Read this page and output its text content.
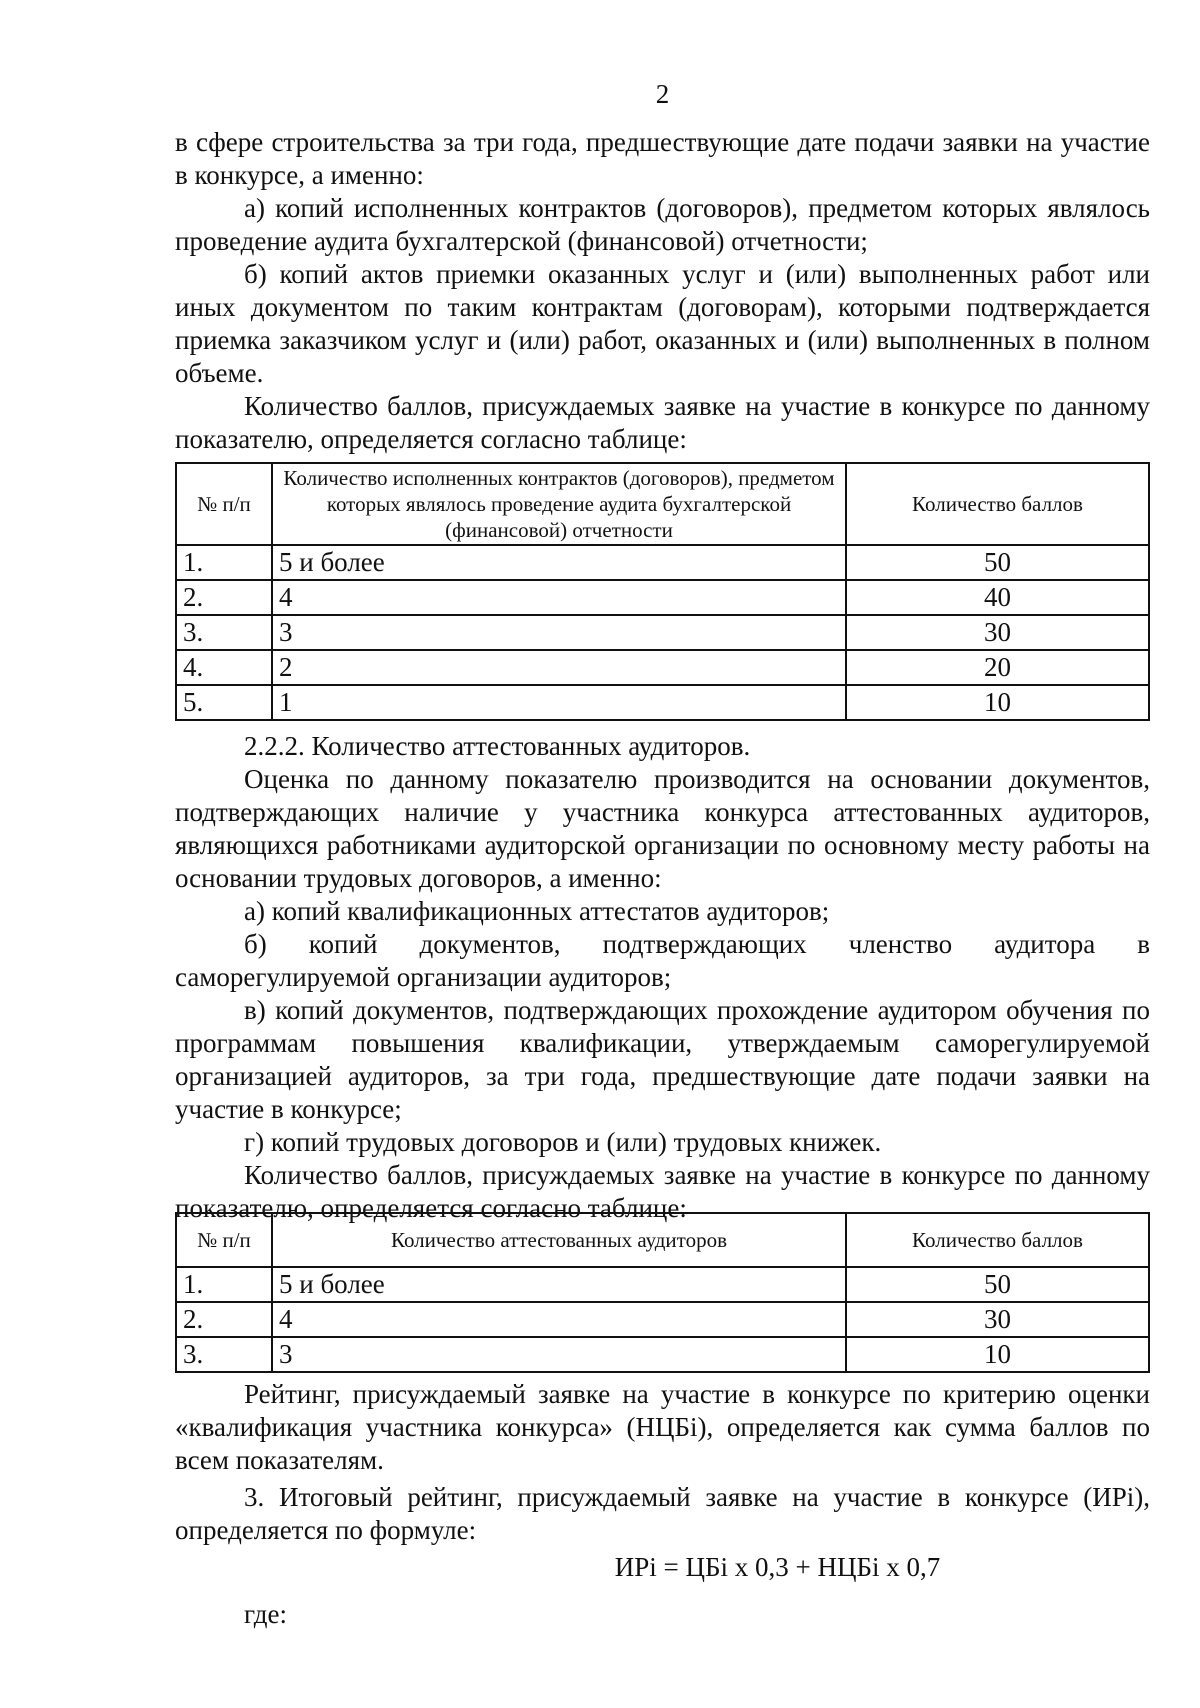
2

в сфере строительства за три года, предшествующие дате подачи заявки на участие в конкурсе, а именно:

а) копий исполненных контрактов (договоров), предметом которых являлось проведение аудита бухгалтерской (финансовой) отчетности;

б) копий актов приемки оказанных услуг и (или) выполненных работ или иных документом по таким контрактам (договорам), которыми подтверждается приемка заказчиком услуг и (или) работ, оказанных и (или) выполненных в полном объеме.

Количество баллов, присуждаемых заявке на участие в конкурсе по данному показателю, определяется согласно таблице:

№ п/п	Количество исполненных контрактов (договоров), предметом которых являлось проведение аудита бухгалтерской (финансовой) отчетности	Количество баллов
1.	5 и более	50
2.	4	40
3.	3	30
4.	2	20
5.	1	10

2.2.2. Количество аттестованных аудиторов.

Оценка по данному показателю производится на основании документов, подтверждающих наличие у участника конкурса аттестованных аудиторов, являющихся работниками аудиторской организации по основному месту работы на основании трудовых договоров, а именно:

а) копий квалификационных аттестатов аудиторов;

б) копий документов, подтверждающих членство аудитора в саморегулируемой организации аудиторов;

в) копий документов, подтверждающих прохождение аудитором обучения по программам повышения квалификации, утверждаемым саморегулируемой организацией аудиторов, за три года, предшествующие дате подачи заявки на участие в конкурсе;

г) копий трудовых договоров и (или) трудовых книжек.

Количество баллов, присуждаемых заявке на участие в конкурсе по данному показателю, определяется согласно таблице:

№ п/п	Количество аттестованных аудиторов	Количество баллов
1.	5 и более	50
2.	4	30
3.	3	10

Рейтинг, присуждаемый заявке на участие в конкурсе по критерию оценки «квалификация участника конкурса» (НЦБi), определяется как сумма баллов по всем показателям.

3. Итоговый рейтинг, присуждаемый заявке на участие в конкурсе (ИРi), определяется по формуле:

ИРi = ЦБi x 0,3 + НЦБi x 0,7

где:
